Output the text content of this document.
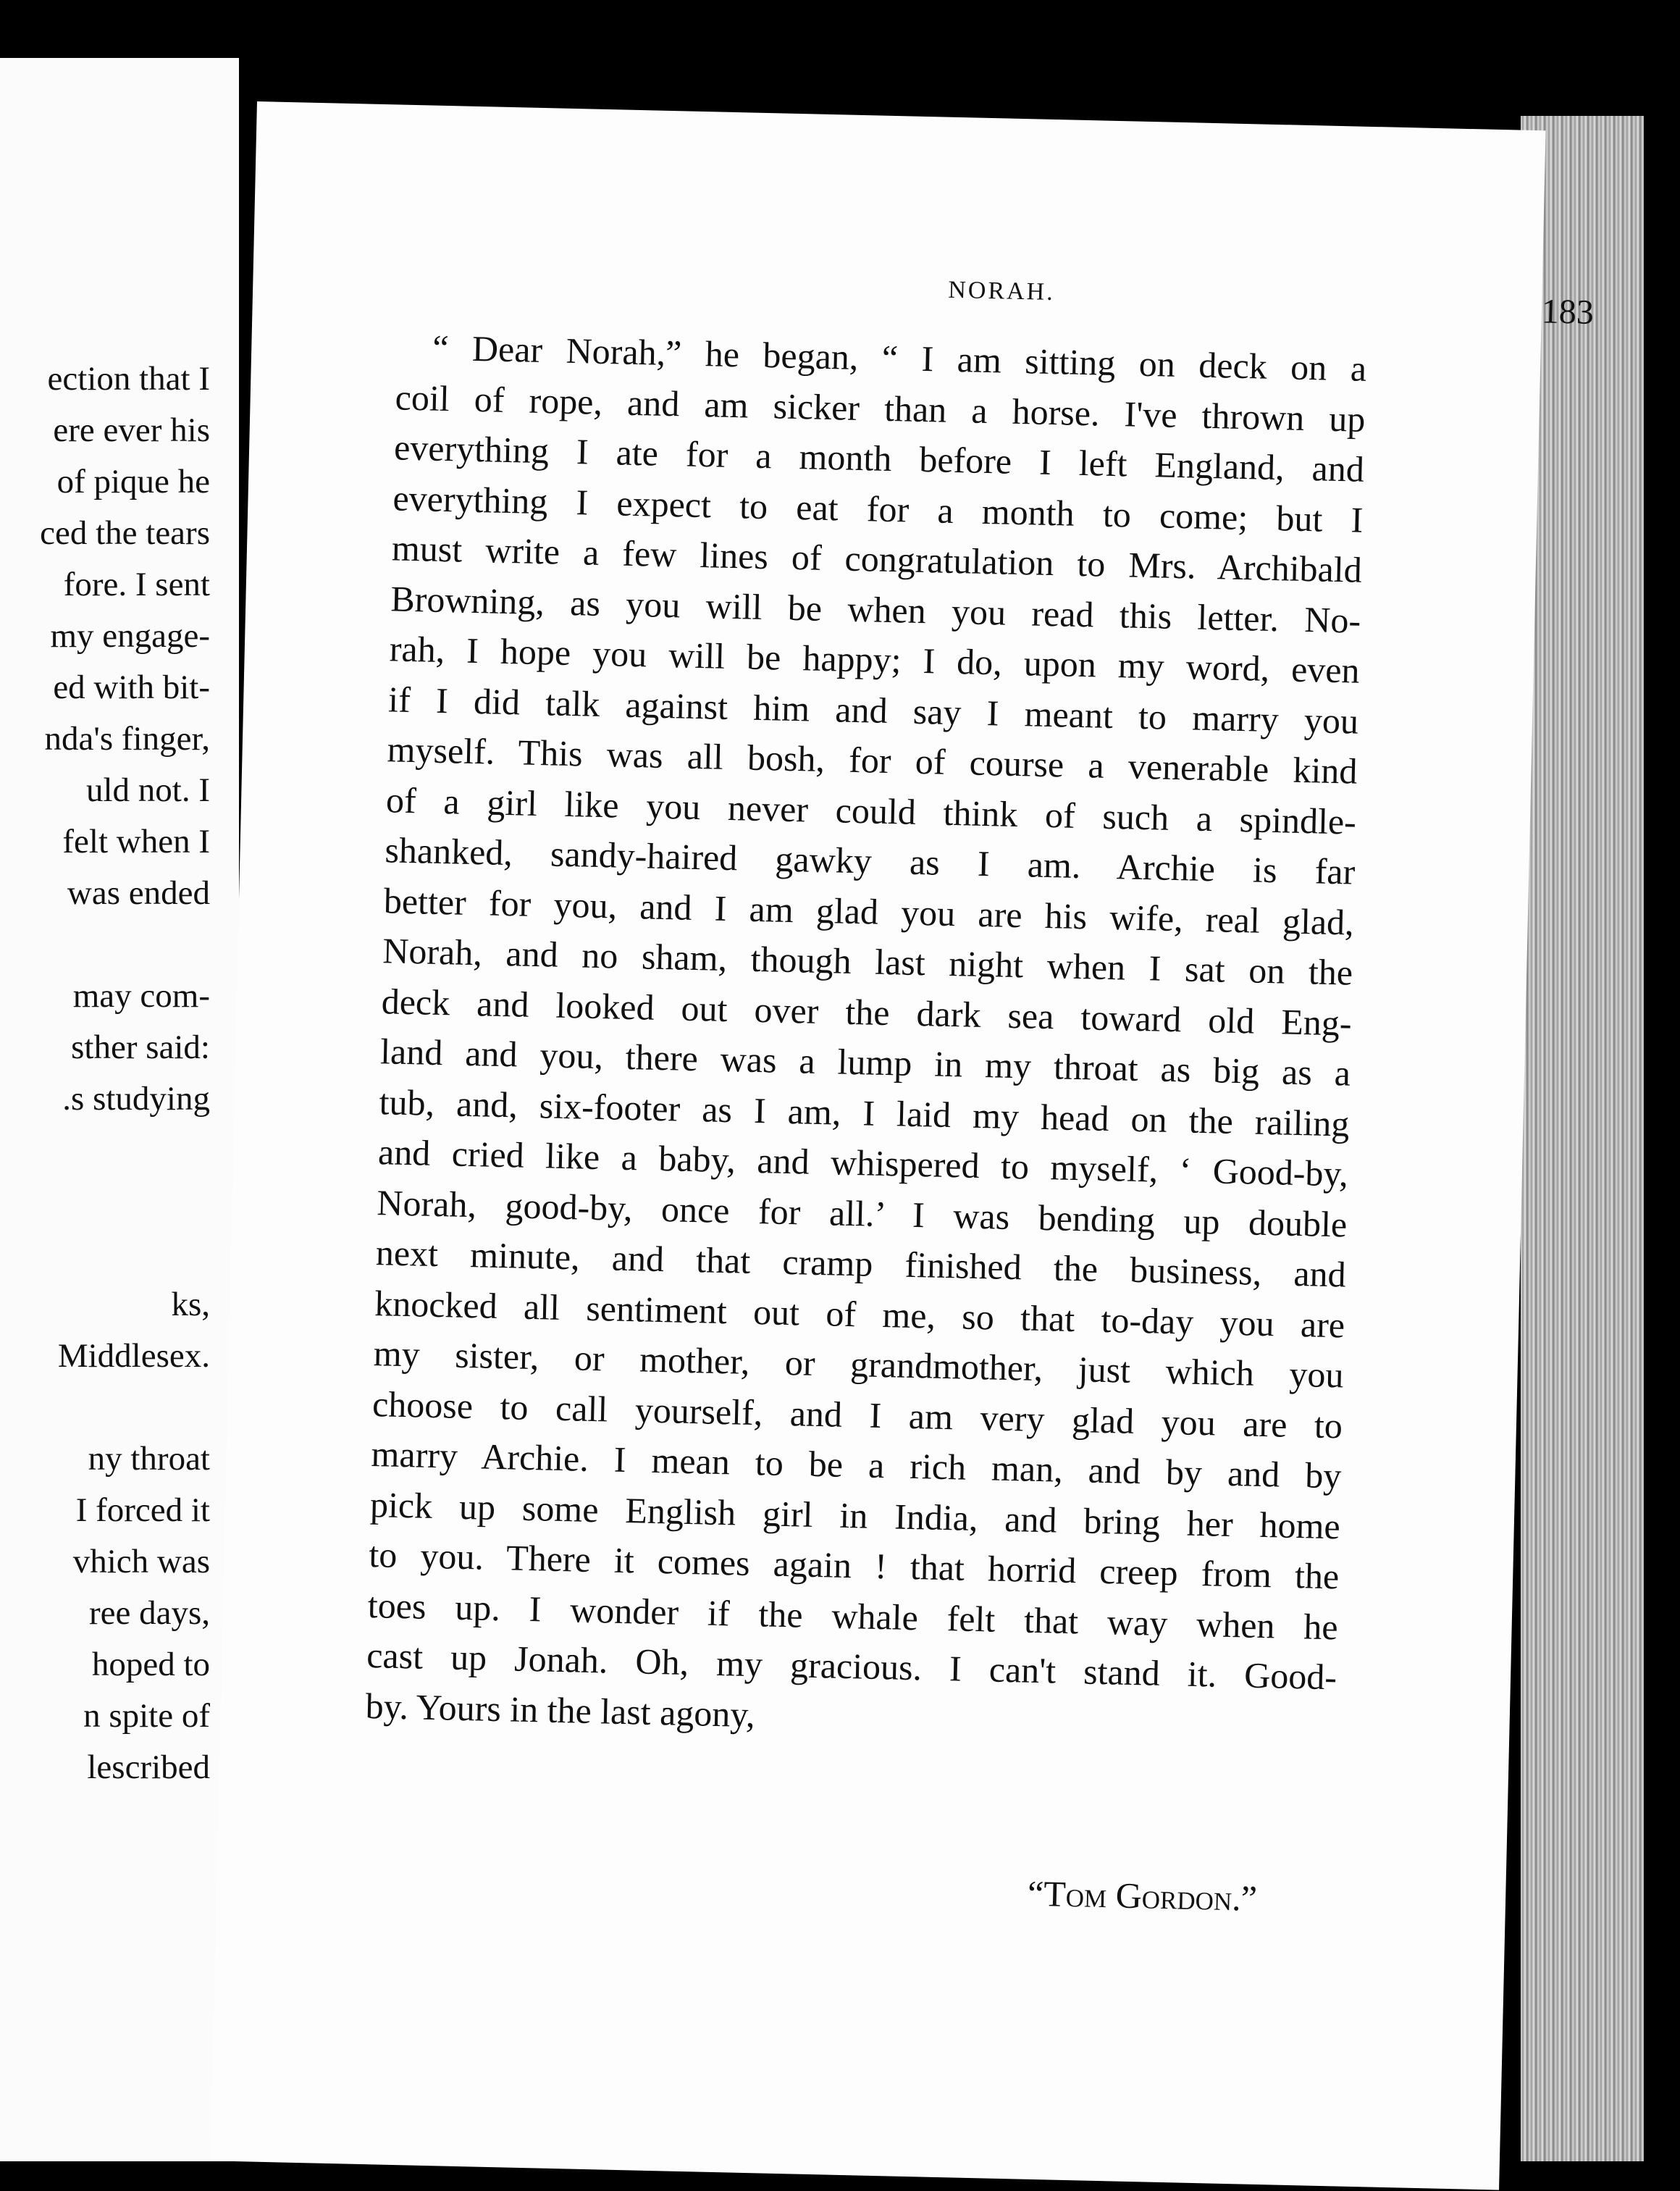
ection that I
ere ever his
of pique he
ced the tears
fore. I sent
my engage-
ed with bit-
nda's finger,
uld not. I
felt when I
was ended
may com-
sther said:
.s studying
ks,
Middlesex.
ny throat
I forced it
vhich was
ree days,
hoped to
n spite of
lescribed
NORAH.
183
“ Dear Norah,” he began, “ I am sitting on deck on a
coil of rope, and am sicker than a horse. I've thrown up
everything I ate for a month before I left England, and
everything I expect to eat for a month to come; but I
must write a few lines of congratulation to Mrs. Archibald
Browning, as you will be when you read this letter. No-
rah, I hope you will be happy; I do, upon my word, even
if I did talk against him and say I meant to marry you
myself. This was all bosh, for of course a venerable kind
of a girl like you never could think of such a spindle-
shanked, sandy-haired gawky as I am. Archie is far
better for you, and I am glad you are his wife, real glad,
Norah, and no sham, though last night when I sat on the
deck and looked out over the dark sea toward old Eng-
land and you, there was a lump in my throat as big as a
tub, and, six-footer as I am, I laid my head on the railing
and cried like a baby, and whispered to myself, ‘ Good-by,
Norah, good-by, once for all.’ I was bending up double
next minute, and that cramp finished the business, and
knocked all sentiment out of me, so that to-day you are
my sister, or mother, or grandmother, just which you
choose to call yourself, and I am very glad you are to
marry Archie. I mean to be a rich man, and by and by
pick up some English girl in India, and bring her home
to you. There it comes again ! that horrid creep from the
toes up. I wonder if the whale felt that way when he
cast up Jonah. Oh, my gracious. I can't stand it. Good-
by. Yours in the last agony,
“Tom Gordon.”
